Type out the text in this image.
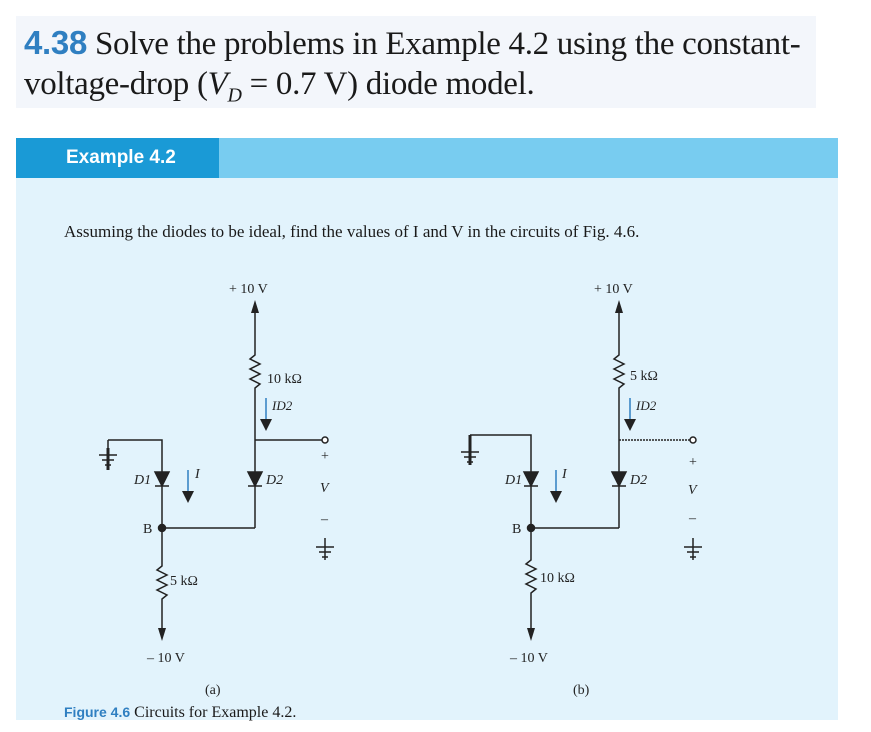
4.38 Solve the problems in Example 4.2 using the constant-
voltage-drop ($V_D = 0.7$ V) diode model.
Example 4.2
Assuming the diodes to be ideal, find the values of I and V in the circuits of Fig. 4.6.
+ 10 V
10 kΩ
ID2
D2
D1	I
B
5 kΩ
– 10 V
+
V
–
(a)
+ 10 V
5 kΩ
ID2
D2
D1	I
B
10 kΩ
– 10 V
+
V
–
(b)
Figure 4.6 Circuits for Example 4.2.
